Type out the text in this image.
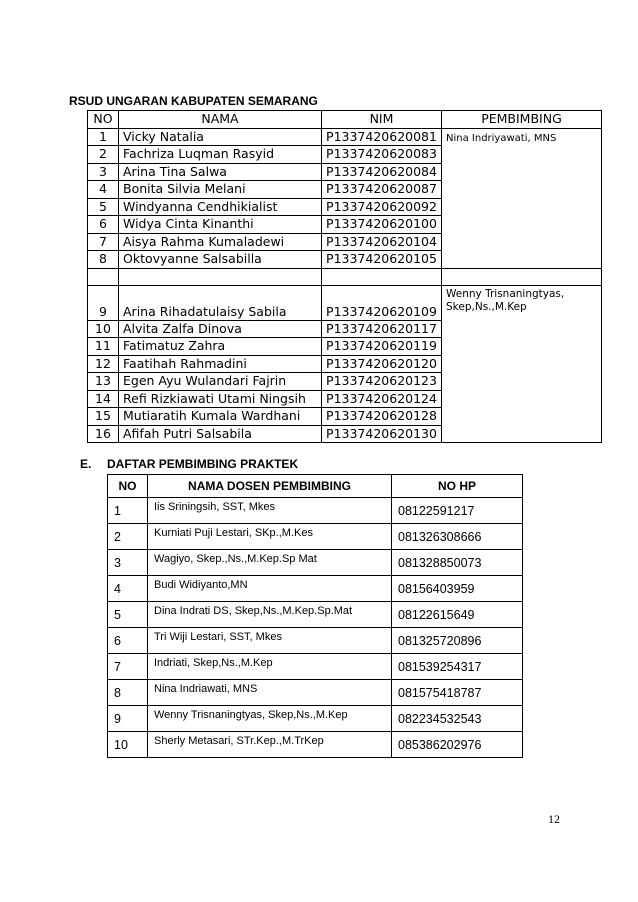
RSUD UNGARAN KABUPATEN SEMARANG
NO	NAMA	NIM	PEMBIMBING
1	Vicky Natalia	P1337420620081	Nina Indriyawati, MNS
2	Fachriza Luqman Rasyid	P1337420620083	
3	Arina Tina Salwa	P1337420620084	
4	Bonita Silvia Melani	P1337420620087	
5	Windyanna Cendhikialist	P1337420620092	
6	Widya Cinta Kinanthi	P1337420620100	
7	Aisya Rahma Kumaladewi	P1337420620104	
8	Oktovyanne Salsabilla	P1337420620105	

9	Arina Rihadatulaisy Sabila	P1337420620109	Wenny Trisnaningtyas, Skep,Ns.,M.Kep
10	Alvita Zalfa Dinova	P1337420620117	
11	Fatimatuz Zahra	P1337420620119	
12	Faatihah Rahmadini	P1337420620120	
13	Egen Ayu Wulandari Fajrin	P1337420620123	
14	Refi Rizkiawati Utami Ningsih	P1337420620124	
15	Mutiaratih Kumala Wardhani	P1337420620128	
16	Afifah Putri Salsabila	P1337420620130	
E. DAFTAR PEMBIMBING PRAKTEK
NO	NAMA DOSEN PEMBIMBING	NO HP
1	Iis Sriningsih, SST, Mkes	08122591217
2	Kurniati Puji Lestari, SKp.,M.Kes	081326308666
3	Wagiyo, Skep.,Ns.,M.Kep.Sp Mat	081328850073
4	Budi Widiyanto,MN	08156403959
5	Dina Indrati DS, Skep,Ns.,M.Kep.Sp.Mat	08122615649
6	Tri Wiji Lestari, SST, Mkes	081325720896
7	Indriati, Skep,Ns.,M.Kep	081539254317
8	Nina Indriawati, MNS	081575418787
9	Wenny Trisnaningtyas, Skep,Ns.,M.Kep	082234532543
10	Sherly Metasari, STr.Kep.,M.TrKep	085386202976
12
